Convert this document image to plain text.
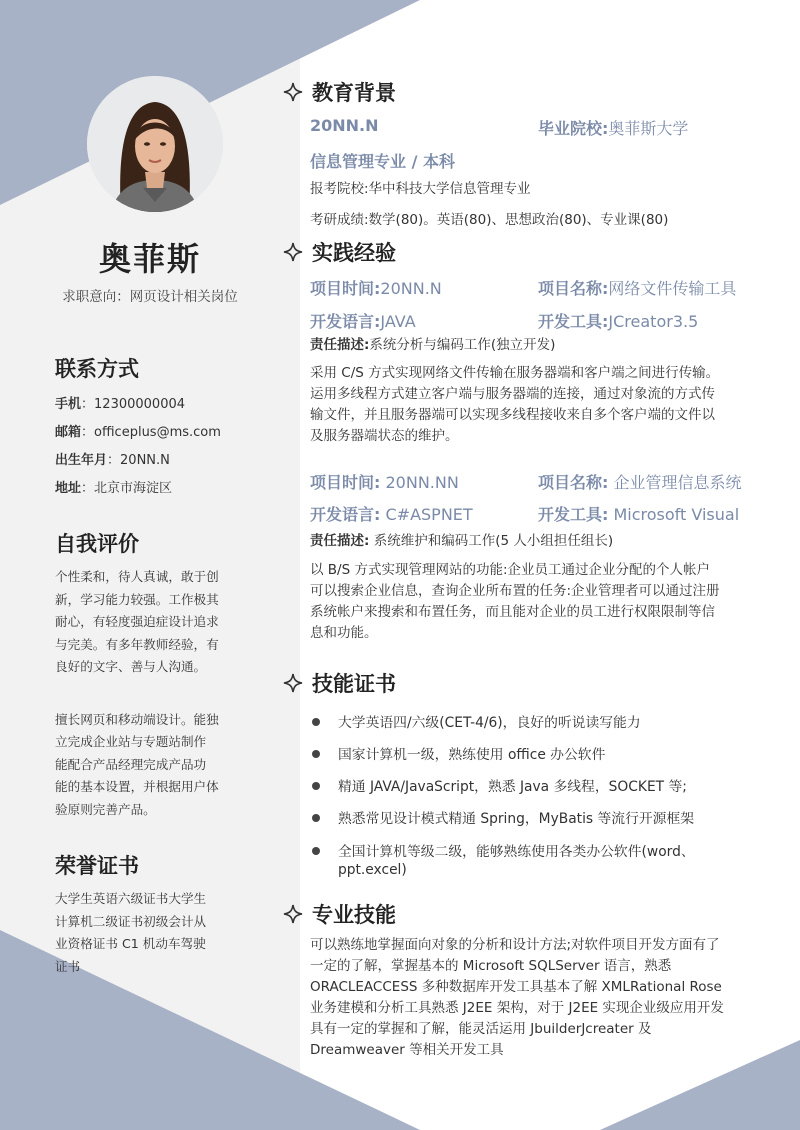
奥菲斯
求职意向：网页设计相关岗位
联系方式
手机：12300000004
邮箱：officeplus@ms.com
出生年月：20NN.N
地址：北京市海淀区
自我评价
个性柔和，待人真诚，敢于创
新，学习能力较强。工作极其
耐心，有轻度强迫症设计追求
与完美。有多年教师经验，有
良好的文字、善与人沟通。
擅长网页和移动端设计。能独
立完成企业站与专题站制作
能配合产品经理完成产品功
能的基本设置，并根据用户体
验原则完善产品。
荣誉证书
大学生英语六级证书大学生
计算机二级证书初级会计从
业资格证书 C1 机动车驾驶
证书
教育背景
20NN.N	毕业院校:奥菲斯大学
信息管理专业 / 本科
报考院校:华中科技大学信息管理专业
考研成绩:数学(80)。英语(80)、思想政治(80)、专业课(80)
实践经验
项目时间:20NN.N	项目名称:网络文件传输工具
开发语言:JAVA	开发工具:JCreator3.5
责任描述:系统分析与编码工作(独立开发)
采用 C/S 方式实现网络文件传输在服务器端和客户端之间进行传输。
运用多线程方式建立客户端与服务器端的连接，通过对象流的方式传
输文件，并且服务器端可以实现多线程接收来自多个客户端的文件以
及服务器端状态的维护。
项目时间: 20NN.NN	项目名称: 企业管理信息系统
开发语言: C#ASPNET	开发工具: Microsoft Visual
责任描述: 系统维护和编码工作(5 人小组担任组长)
以 B/S 方式实现管理网站的功能:企业员工通过企业分配的个人帐户
可以搜索企业信息，查询企业所布置的任务:企业管理者可以通过注册
系统帐户来搜索和布置任务，而且能对企业的员工进行权限限制等信
息和功能。
技能证书
大学英语四/六级(CET-4/6)，良好的听说读写能力
国家计算机一级，熟练使用 office 办公软件
精通 JAVA/JavaScript，熟悉 Java 多线程，SOCKET 等;
熟悉常见设计模式精通 Spring，MyBatis 等流行开源框架
全国计算机等级二级，能够熟练使用各类办公软件(word、
ppt.excel)
专业技能
可以熟练地掌握面向对象的分析和设计方法;对软件项目开发方面有了
一定的了解，掌握基本的 Microsoft SQLServer 语言，熟悉
ORACLEACCESS 多种数据库开发工具基本了解 XMLRational Rose
业务建模和分析工具熟悉 J2EE 架构，对于 J2EE 实现企业级应用开发
具有一定的掌握和了解，能灵活运用 JbuilderJcreater 及
Dreamweaver 等相关开发工具
